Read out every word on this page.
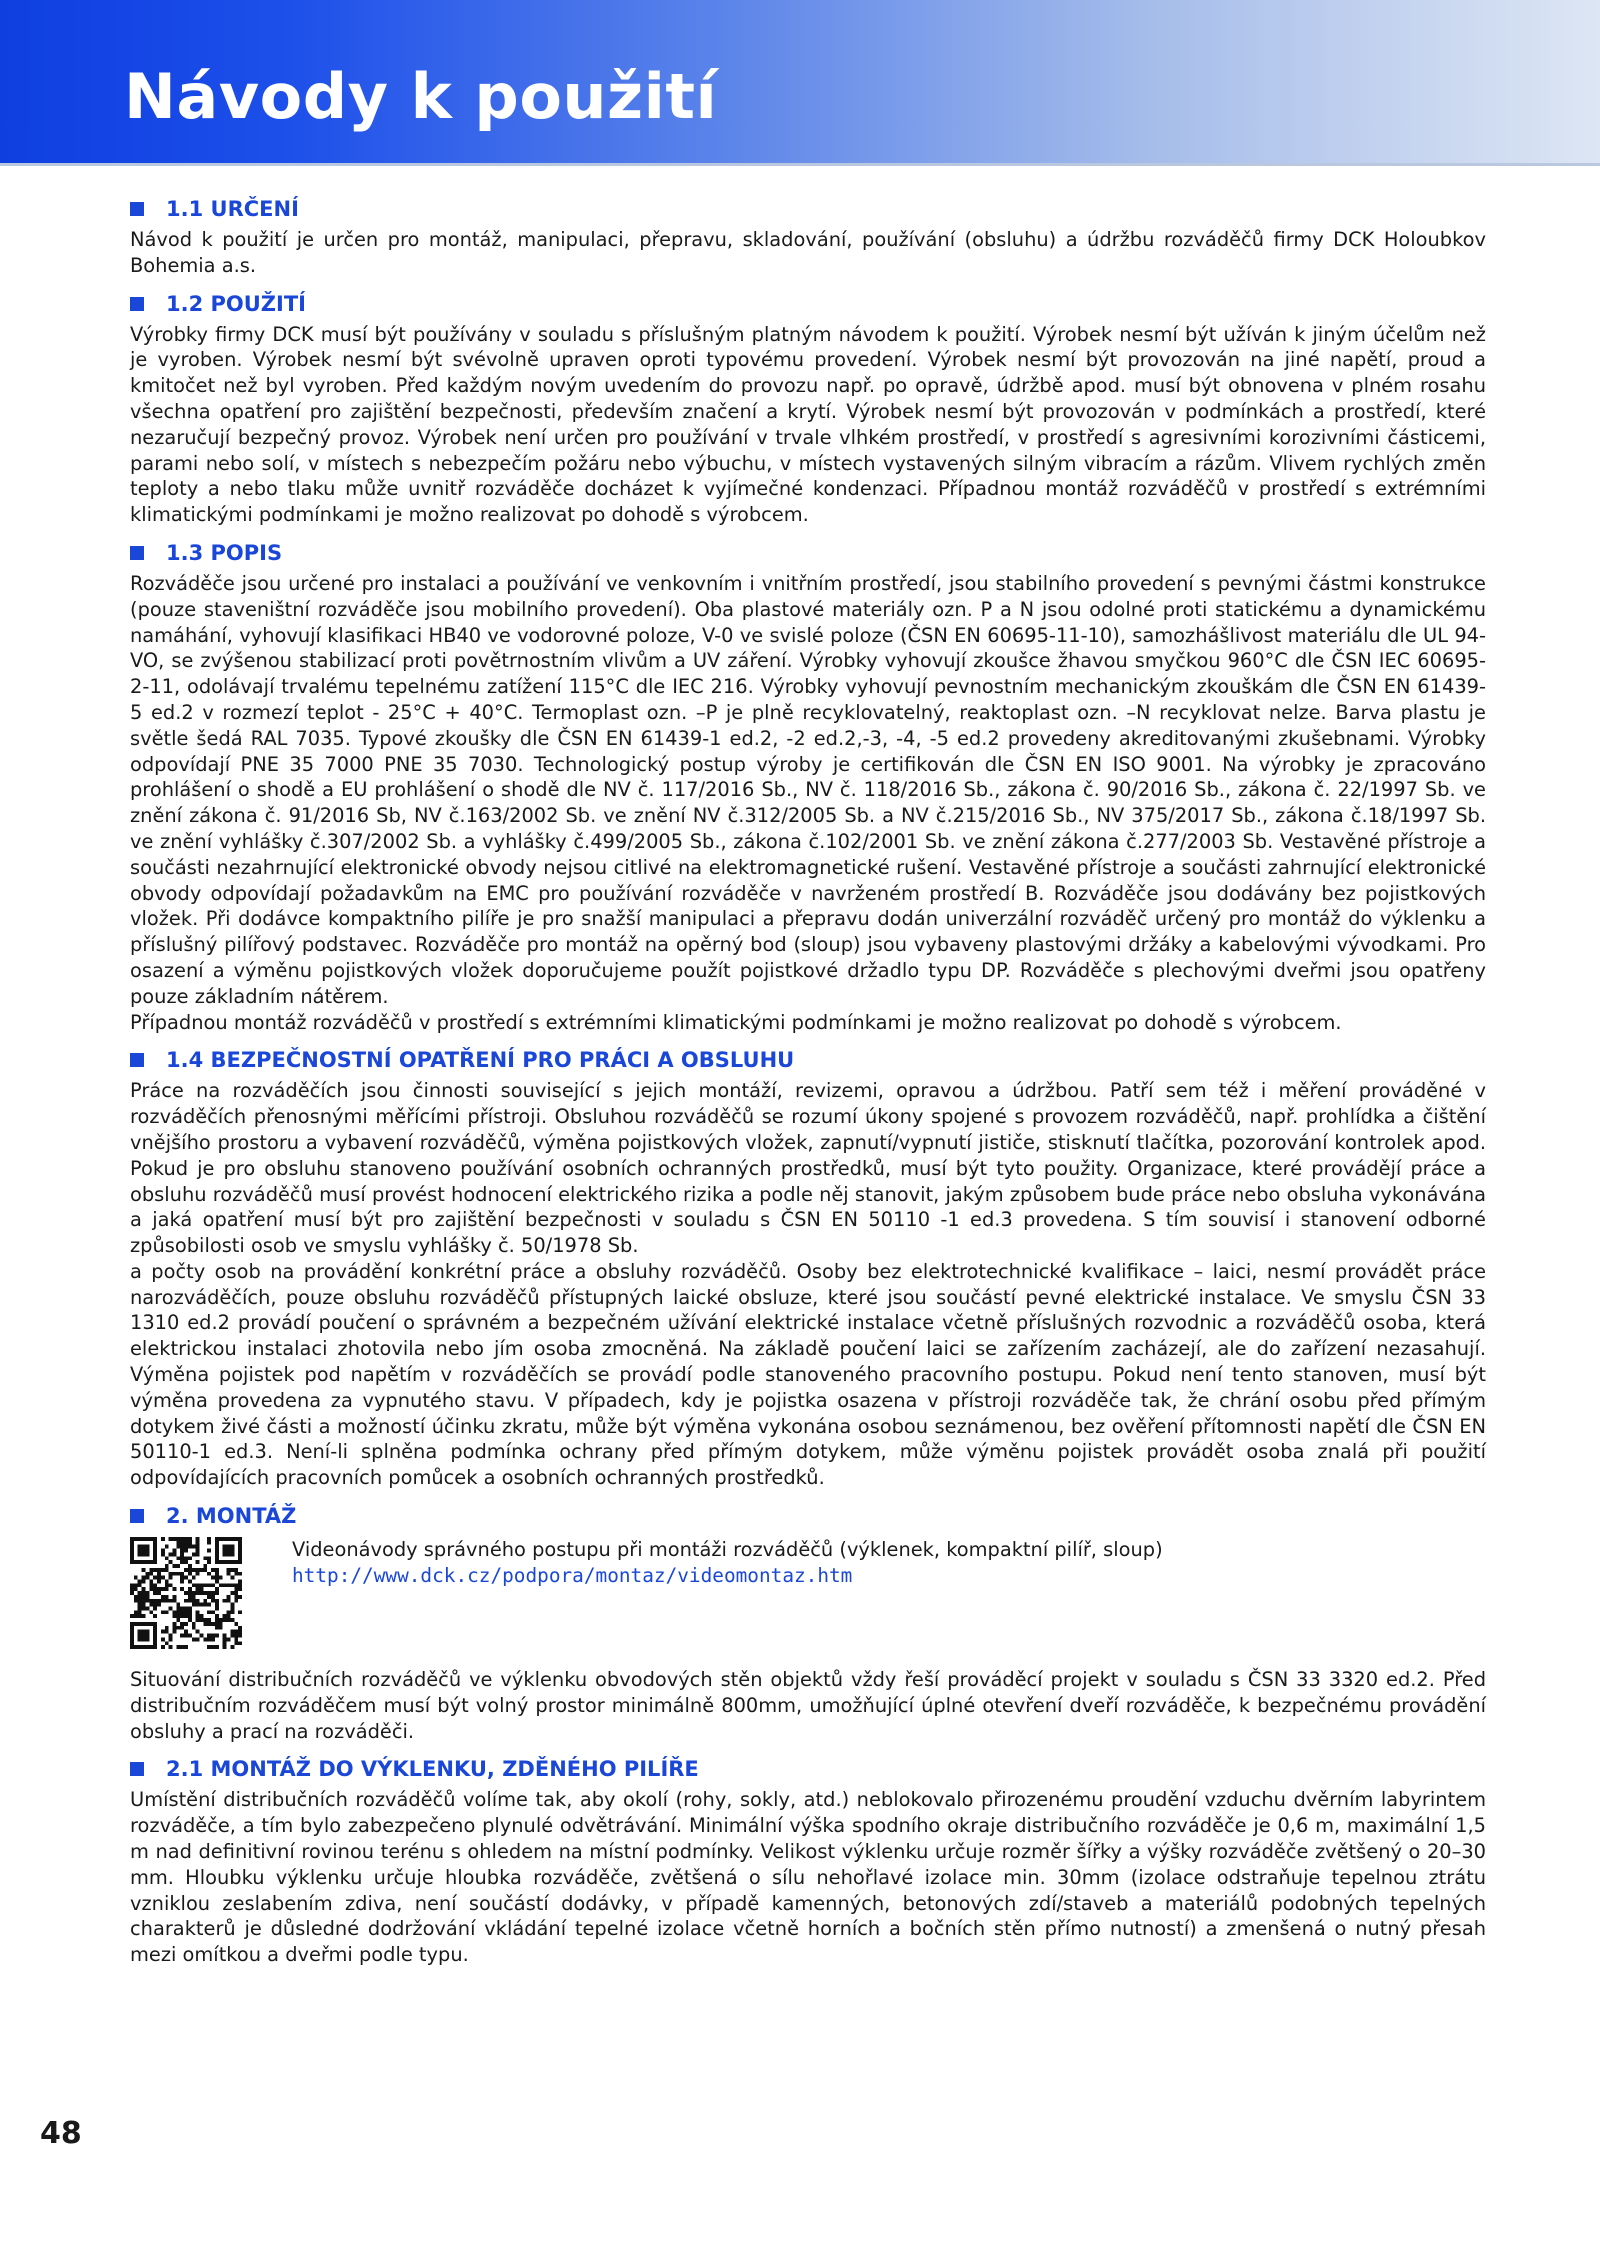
Návody k použití
1.1 URČENÍ

Návod k použití je určen pro montáž, manipulaci, přepravu, skladování, používání (obsluhu) a údržbu rozváděčů firmy DCK Holoubkov Bohemia a.s.

1.2 POUŽITÍ

Výrobky firmy DCK musí být používány v souladu s příslušným platným návodem k použití. Výrobek nesmí být užíván k jiným účelům než je vyroben. Výrobek nesmí být svévolně upraven oproti typovému provedení. Výrobek nesmí být provozován na jiné napětí, proud a kmitočet než byl vyroben. Před každým novým uvedením do provozu např. po opravě, údržbě apod. musí být obnovena v plném rosahu všechna opatření pro zajištění bezpečnosti, především značení a krytí. Výrobek nesmí být provozován v podmínkách a prostředí, které nezaručují bezpečný provoz. Výrobek není určen pro používání v trvale vlhkém prostředí, v prostředí s agresivními korozivními částicemi, parami nebo solí, v místech s nebezpečím požáru nebo výbuchu, v místech vystavených silným vibracím a rázům. Vlivem rychlých změn teploty a nebo tlaku může uvnitř rozváděče docházet k vyjímečné kondenzaci. Případnou montáž rozváděčů v prostředí s extrémními klimatickými podmínkami je možno realizovat po dohodě s výrobcem.

1.3 POPIS

Rozváděče jsou určené pro instalaci a používání ve venkovním i vnitřním prostředí, jsou stabilního provedení s pevnými částmi konstrukce (pouze staveništní rozváděče jsou mobilního provedení). Oba plastové materiály ozn. P a N jsou odolné proti statickému a dynamickému namáhání, vyhovují klasifikaci HB40 ve vodorovné poloze, V-0 ve svislé poloze (ČSN EN 60695-11-10), samozhášlivost materiálu dle UL 94-VO, se zvýšenou stabilizací proti povětrnostním vlivům a UV záření. Výrobky vyhovují zkoušce žhavou smyčkou 960°C dle ČSN IEC 60695-2-11, odolávají trvalému tepelnému zatížení 115°C dle IEC 216. Výrobky vyhovují pevnostním mechanickým zkouškám dle ČSN EN 61439-5 ed.2 v rozmezí teplot - 25°C + 40°C. Termoplast ozn. –P je plně recyklovatelný, reaktoplast ozn. –N recyklovat nelze. Barva plastu je světle šedá RAL 7035. Typové zkoušky dle ČSN EN 61439-1 ed.2, -2 ed.2,-3, -4, -5 ed.2 provedeny akreditovanými zkušebnami. Výrobky odpovídají PNE 35 7000 PNE 35 7030. Technologický postup výroby je certifikován dle ČSN EN ISO 9001. Na výrobky je zpracováno prohlášení o shodě a EU prohlášení o shodě dle NV č. 117/2016 Sb., NV č. 118/2016 Sb., zákona č. 90/2016 Sb., zákona č. 22/1997 Sb. ve znění zákona č. 91/2016 Sb, NV č.163/2002 Sb. ve znění NV č.312/2005 Sb. a NV č.215/2016 Sb., NV 375/2017 Sb., zákona č.18/1997 Sb. ve znění vyhlášky č.307/2002 Sb. a vyhlášky č.499/2005 Sb., zákona č.102/2001 Sb. ve znění zákona č.277/2003 Sb. Vestavěné přístroje a součásti nezahrnující elektronické obvody nejsou citlivé na elektromagnetické rušení. Vestavěné přístroje a součásti zahrnující elektronické obvody odpovídají požadavkům na EMC pro používání rozváděče v navrženém prostředí B. Rozváděče jsou dodávány bez pojistkových vložek. Při dodávce kompaktního pilíře je pro snažší manipulaci a přepravu dodán univerzální rozváděč určený pro montáž do výklenku a příslušný pilířový podstavec. Rozváděče pro montáž na opěrný bod (sloup) jsou vybaveny plastovými držáky a kabelovými vývodkami. Pro osazení a výměnu pojistkových vložek doporučujeme použít pojistkové držadlo typu DP. Rozváděče s plechovými dveřmi jsou opatřeny pouze základním nátěrem.

Případnou montáž rozváděčů v prostředí s extrémními klimatickými podmínkami je možno realizovat po dohodě s výrobcem.

1.4 BEZPEČNOSTNÍ OPATŘENÍ PRO PRÁCI A OBSLUHU

Práce na rozváděčích jsou činnosti související s jejich montáží, revizemi, opravou a údržbou. Patří sem též i měření prováděné v rozváděčích přenosnými měřícími přístroji. Obsluhou rozváděčů se rozumí úkony spojené s provozem rozváděčů, např. prohlídka a čištění vnějšího prostoru a vybavení rozváděčů, výměna pojistkových vložek, zapnutí/vypnutí jističe, stisknutí tlačítka, pozorování kontrolek apod. Pokud je pro obsluhu stanoveno používání osobních ochranných prostředků, musí být tyto použity. Organizace, které provádějí práce a obsluhu rozváděčů musí provést hodnocení elektrického rizika a podle něj stanovit, jakým způsobem bude práce nebo obsluha vykonávána a jaká opatření musí být pro zajištění bezpečnosti v souladu s ČSN EN 50110 -1 ed.3 provedena. S tím souvisí i stanovení odborné způsobilosti osob ve smyslu vyhlášky č. 50/1978 Sb.

a počty osob na provádění konkrétní práce a obsluhy rozváděčů. Osoby bez elektrotechnické kvalifikace – laici, nesmí provádět práce narozváděčích, pouze obsluhu rozváděčů přístupných laické obsluze, které jsou součástí pevné elektrické instalace. Ve smyslu ČSN 33 1310 ed.2 provádí poučení o správném a bezpečném užívání elektrické instalace včetně příslušných rozvodnic a rozváděčů osoba, která elektrickou instalaci zhotovila nebo jím osoba zmocněná. Na základě poučení laici se zařízením zacházejí, ale do zařízení nezasahují. Výměna pojistek pod napětím v rozváděčích se provádí podle stanoveného pracovního postupu. Pokud není tento stanoven, musí být výměna provedena za vypnutého stavu. V případech, kdy je pojistka osazena v přístroji rozváděče tak, že chrání osobu před přímým dotykem živé části a možností účinku zkratu, může být výměna vykonána osobou seznámenou, bez ověření přítomnosti napětí dle ČSN EN 50110-1 ed.3. Není-li splněna podmínka ochrany před přímým dotykem, může výměnu pojistek provádět osoba znalá při použití odpovídajících pracovních pomůcek a osobních ochranných prostředků.

2. MONTÁŽ
Videonávody správného postupu při montáži rozváděčů (výklenek, kompaktní pilíř, sloup)
http://www.dck.cz/podpora/montaz/videomontaz.htm

Situování distribučních rozváděčů ve výklenku obvodových stěn objektů vždy řeší prováděcí projekt v souladu s ČSN 33 3320 ed.2. Před distribučním rozváděčem musí být volný prostor minimálně 800mm, umožňující úplné otevření dveří rozváděče, k bezpečnému provádění obsluhy a prací na rozváděči.

2.1 MONTÁŽ DO VÝKLENKU, ZDĚNÉHO PILÍŘE

Umístění distribučních rozváděčů volíme tak, aby okolí (rohy, sokly, atd.) neblokovalo přirozenému proudění vzduchu dvěrním labyrintem rozváděče, a tím bylo zabezpečeno plynulé odvětrávání. Minimální výška spodního okraje distribučního rozváděče je 0,6 m, maximální 1,5 m nad definitivní rovinou terénu s ohledem na místní podmínky. Velikost výklenku určuje rozměr šířky a výšky rozváděče zvětšený o 20–30 mm. Hloubku výklenku určuje hloubka rozváděče, zvětšená o sílu nehořlavé izolace min. 30mm (izolace odstraňuje tepelnou ztrátu vzniklou zeslabením zdiva, není součástí dodávky, v případě kamenných, betonových zdí/staveb a materiálů podobných tepelných charakterů je důsledné dodržování vkládání tepelné izolace včetně horních a bočních stěn přímo nutností) a zmenšená o nutný přesah mezi omítkou a dveřmi podle typu.

48
